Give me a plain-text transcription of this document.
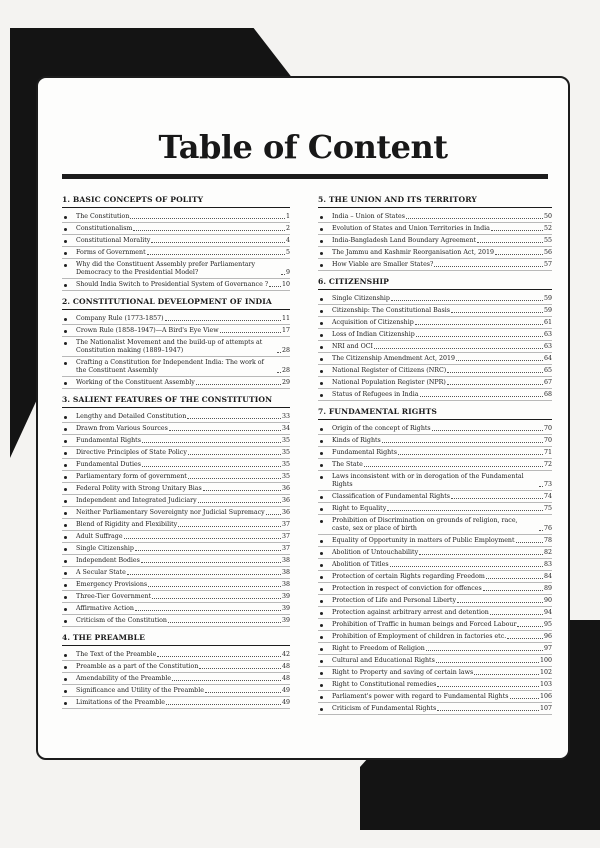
Table of Content
1. BASIC CONCEPTS OF POLITY
The Constitution	1
Constitutionalism	2
Constitutional Morality	4
Forms of Government	5
Why did the Constituent Assembly prefer Parliamentary Democracy to the Presidential Model?	9
Should India Switch to Presidential System of Governance ? 10
2. CONSTITUTIONAL DEVELOPMENT OF INDIA
Company Rule (1773-1857)	11
Crown Rule (1858–1947)—A Bird's Eye View	17
The Nationalist Movement and the build-up of attempts at Constitution making (1889–1947)	28
Crafting a Constitution for Independent India: The work of the Constituent Assembly	28
Working of the Constituent Assembly	29
3. SALIENT FEATURES OF THE CONSTITUTION
Lengthy and Detailed Constitution	33
Drawn from Various Sources	34
Fundamental Rights	35
Directive Principles of State Policy	35
Fundamental Duties	35
Parliamentary form of government	35
Federal Polity with Strong Unitary Bias	36
Independent and Integrated Judiciary	36
Neither Parliamentary Sovereignty nor Judicial Supremacy	36
Blend of Rigidity and Flexibility	37
Adult Suffrage	37
Single Citizenship	37
Independent Bodies	38
A Secular State	38
Emergency Provisions	38
Three-Tier Government	39
Affirmative Action	39
Criticism of the Constitution	39
4. THE PREAMBLE
The Text of the Preamble	42
Preamble as a part of the Constitution	48
Amendability of the Preamble	48
Significance and Utility of the Preamble	49
Limitations of the Preamble	49
5. THE UNION AND ITS TERRITORY
India – Union of States	50
Evolution of States and Union Territories in India	52
India-Bangladesh Land Boundary Agreement	55
The Jammu and Kashmir Reorganisation Act, 2019	56
How Viable are Smaller States?	57
6. CITIZENSHIP
Single Citizenship	59
Citizenship: The Constitutional Basis	59
Acquisition of Citizenship	61
Loss of Indian Citizenship	63
NRI and OCI	63
The Citizenship Amendment Act, 2019	64
National Register of Citizens (NRC)	65
National Population Register (NPR)	67
Status of Refugees in India	68
7. FUNDAMENTAL RIGHTS
Origin of the concept of Rights	70
Kinds of Rights	70
Fundamental Rights	71
The State	72
Laws inconsistent with or in derogation of the Fundamental Rights	73
Classification of Fundamental Rights	74
Right to Equality	75
Prohibition of Discrimination on grounds of religion, race, caste, sex or place of birth	76
Equality of Opportunity in matters of Public Employment	78
Abolition of Untouchability	82
Abolition of Titles	83
Protection of certain Rights regarding Freedom	84
Protection in respect of conviction for offences	89
Protection of Life and Personal Liberty	90
Protection against arbitrary arrest and detention	94
Prohibition of Traffic in human beings and Forced Labour	95
Prohibition of Employment of children in factories etc.	96
Right to Freedom of Religion	97
Cultural and Educational Rights	100
Right to Property and saving of certain laws	102
Right to Constitutional remedies	103
Parliament's power with regard to Fundamental Rights	106
Criticism of Fundamental Rights	107
